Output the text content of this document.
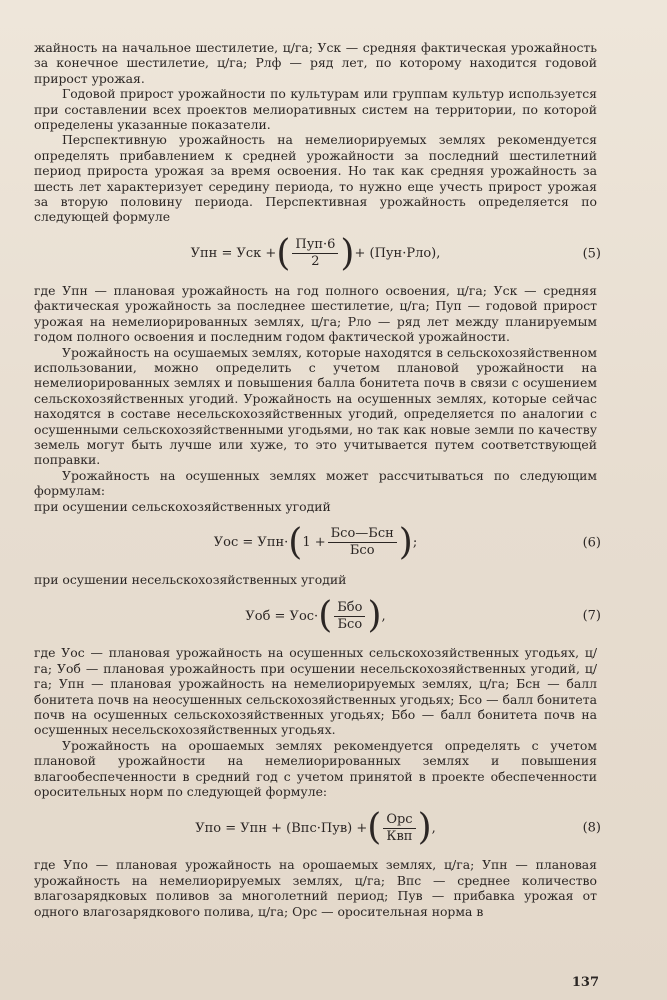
жайность на начальное шестилетие, ц/га; Уск — средняя фактическая урожайность за конечное шестилетие, ц/га; Рлф — ряд лет, по которому находится годовой прирост урожая.

Годовой прирост урожайности по культурам или группам культур используется при составлении всех проектов мелиоративных систем на территории, по которой определены указанные показатели.

Перспективную урожайность на немелиорируемых землях рекомендуется определять прибавлением к средней урожайности за последний шестилетний период прироста урожая за время освоения. Но так как средняя урожайность за шесть лет характеризует середину периода, то нужно еще учесть прирост урожая за вторую половину периода. Перспективная урожайность определяется по следующей формуле

Упн = Уск + ( $\frac{\text{Пуп·6}}{2}$ ) + (Пун·Рло),	(5)

где Упн — плановая урожайность на год полного освоения, ц/га; Уск — средняя фактическая урожайность за последнее шестилетие, ц/га; Пуп — годовой прирост урожая на немелиорированных землях, ц/га; Рло — ряд лет между планируемым годом полного освоения и последним годом фактической урожайности.

Урожайность на осушаемых землях, которые находятся в сельскохозяйственном использовании, можно определить с учетом плановой урожайности на немелиорированных землях и повышения балла бонитета почв в связи с осушением сельскохозяйственных угодий. Урожайность на осушенных землях, которые сейчас находятся в составе несельскохозяйственных угодий, определяется по аналогии с осушенными сельскохозяйственными угодьями, но так как новые земли по качеству земель могут быть лучше или хуже, то это учитывается путем соответствующей поправки.

Урожайность на осушенных землях может рассчитываться по следующим формулам:

при осушении сельскохозяйственных угодий

Уос = Упн· ( $1 + \frac{\text{Бсо—Бсн}}{\text{Бсо}}$ ) ;	(6)

при осушении несельскохозяйственных угодий

Уоб = Уос· ( $\frac{\text{Ббо}}{\text{Бсо}}$ ) ,	(7)

где Уос — плановая урожайность на осушенных сельскохозяйственных угодьях, ц/га; Уоб — плановая урожайность при осушении несельскохозяйственных угодий, ц/га; Упн — плановая урожайность на немелиорируемых землях, ц/га; Бсн — балл бонитета почв на неосушенных сельскохозяйственных угодьях; Бсо — балл бонитета почв на осушенных сельскохозяйственных угодьях; Ббо — балл бонитета почв на осушенных несельскохозяйственных угодьях.

Урожайность на орошаемых землях рекомендуется определять с учетом плановой урожайности на немелиорированных землях и повышения влагообеспеченности в средний год с учетом принятой в проекте обеспеченности оросительных норм по следующей формуле:

Упо = Упн + (Впс·Пув) + ( $\frac{\text{Орс}}{\text{Квп}}$ ) ,	(8)

где Упо — плановая урожайность на орошаемых землях, ц/га; Упн — плановая урожайность на немелиорируемых землях, ц/га; Впс — среднее количество влагозарядковых поливов за многолетний период; Пув — прибавка урожая от одного влагозарядкового полива, ц/га; Орс — оросительная норма в

137
